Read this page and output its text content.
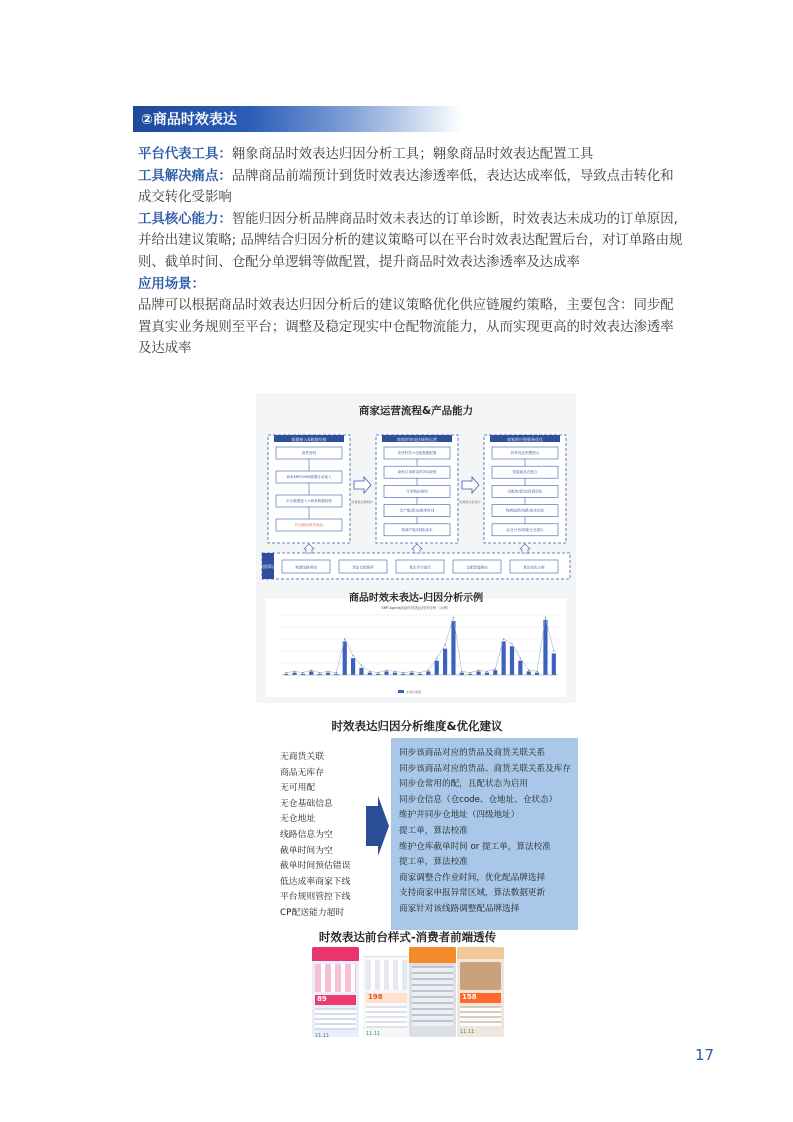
②商品时效表达

平台代表工具：翱象商品时效表达归因分析工具；翱象商品时效表达配置工具

工具解决痛点：品牌商品前端预计到货时效表达渗透率低，表达达成率低，导致点击转化和成交转化受影响

工具核心能力：智能归因分析品牌商品时效未表达的订单诊断，时效表达未成功的订单原因,并给出建议策略; 品牌结合归因分析的建议策略可以在平台时效表达配置后台，对订单路由规则、截单时间、仓配分单逻辑等做配置，提升商品时效表达渗透率及达成率

应用场景：

品牌可以根据商品时效表达归因分析后的建议策略优化供应链履约策略，主要包含：同步配置真实业务规则至平台；调整及稳定现实中仓配物流能力，从而实现更高的时效表达渗透率及达成率

商家运营流程&产品能力
数据接入&数据对接
组件授权
商家ERP/OMS数据自动接入
平台数据接入+商家数据校验
开启商品时效表达
商家时效表达规则运营
发货时效+仓配数据配置
商家订单路由时效&规则
订单路由规则
仓产能/派达/截单时间
物流产能/线路/成本
商家供应链服务优化
异常货品预警提示
智能商品仓配合
仓配单/派达/资源优化
物流选择/线路/成本优化
品仓分布/智能分仓建议
时效表达规则中	时效表达优化中
数据算法	物流线路规划	货品仓配推荐	算法学习迭代	仓配智能路由	算法优化方案
ERP-Agent商品时效表达归因分析（示例）
未表达单量
商品时效未表达-归因分析示例
时效表达归因分析维度&优化建议
无商货关联
商品无库存
无可用配
无仓基础信息
无仓地址
线路信息为空
截单时间为空
截单时间预估错误
低达成率商家下线
平台规则管控下线
CP配送能力超时
同步该商品对应的货品及商货关联关系
同步该商品对应的货品、商货关联关系及库存
同步仓常用的配，且配状态为启用
同步仓信息（仓code、仓地址、仓状态）
维护并同步仓地址（四级地址）
提工单，算法校准
维护仓库截单时间 or 提工单，算法校准
提工单，算法校准
商家调整合作业时间，优化配品牌选择
支持商家申报异常区域，算法数据更新
商家针对该线路调整配品牌选择
时效表达前台样式-消费者前端透传
89
11.11
198
11.11
158
11.11
17
